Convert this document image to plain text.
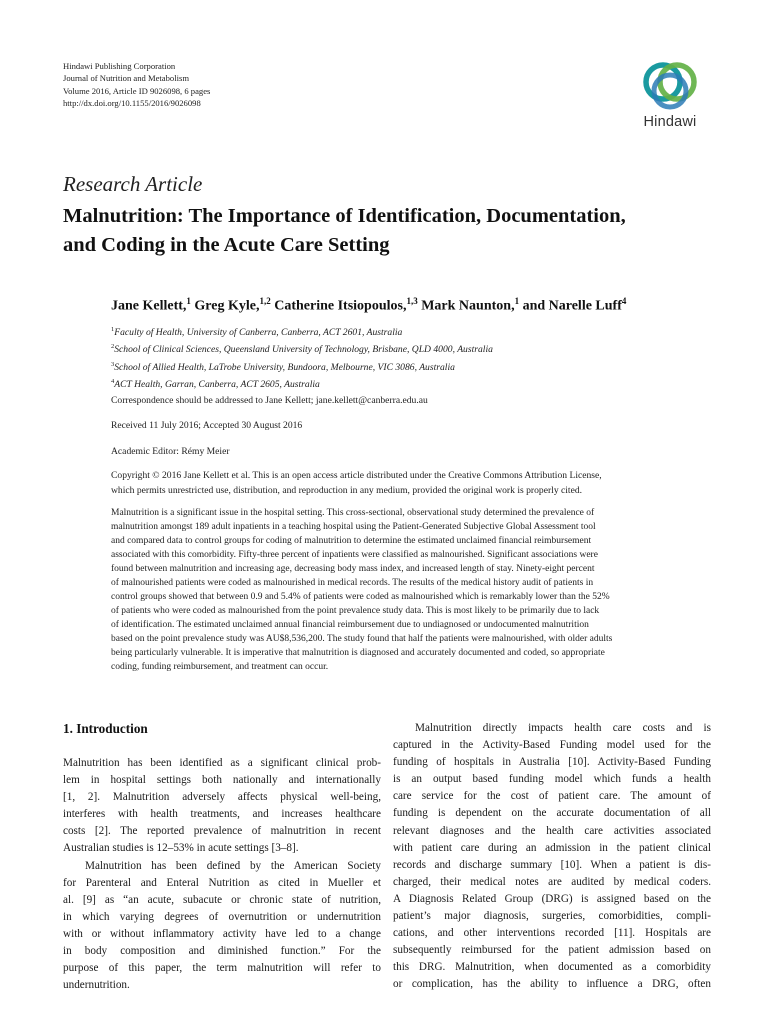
Hindawi Publishing Corporation
Journal of Nutrition and Metabolism
Volume 2016, Article ID 9026098, 6 pages
http://dx.doi.org/10.1155/2016/9026098
Hindawi
Research Article
Malnutrition: The Importance of Identification, Documentation,
and Coding in the Acute Care Setting
Jane Kellett,$^1$ Greg Kyle,$^{1,2}$ Catherine Itsiopoulos,$^{1,3}$ Mark Naunton,$^1$ and Narelle Luff$^4$
$^1$Faculty of Health, University of Canberra, Canberra, ACT 2601, Australia
$^2$School of Clinical Sciences, Queensland University of Technology, Brisbane, QLD 4000, Australia
$^3$School of Allied Health, LaTrobe University, Bundoora, Melbourne, VIC 3086, Australia
$^4$ACT Health, Garran, Canberra, ACT 2605, Australia
Correspondence should be addressed to Jane Kellett; jane.kellett@canberra.edu.au
Received 11 July 2016; Accepted 30 August 2016
Academic Editor: Rémy Meier
Copyright © 2016 Jane Kellett et al. This is an open access article distributed under the Creative Commons Attribution License,
which permits unrestricted use, distribution, and reproduction in any medium, provided the original work is properly cited.
Malnutrition is a significant issue in the hospital setting. This cross-sectional, observational study determined the prevalence of
malnutrition amongst 189 adult inpatients in a teaching hospital using the Patient-Generated Subjective Global Assessment tool
and compared data to control groups for coding of malnutrition to determine the estimated unclaimed financial reimbursement
associated with this comorbidity. Fifty-three percent of inpatients were classified as malnourished. Significant associations were
found between malnutrition and increasing age, decreasing body mass index, and increased length of stay. Ninety-eight percent
of malnourished patients were coded as malnourished in medical records. The results of the medical history audit of patients in
control groups showed that between 0.9 and 5.4% of patients were coded as malnourished which is remarkably lower than the 52%
of patients who were coded as malnourished from the point prevalence study data. This is most likely to be primarily due to lack
of identification. The estimated unclaimed annual financial reimbursement due to undiagnosed or undocumented malnutrition
based on the point prevalence study was AU$8,536,200. The study found that half the patients were malnourished, with older adults
being particularly vulnerable. It is imperative that malnutrition is diagnosed and accurately documented and coded, so appropriate
coding, funding reimbursement, and treatment can occur.
1. Introduction
Malnutrition has been identified as a significant clinical prob-
lem in hospital settings both nationally and internationally
[1, 2]. Malnutrition adversely affects physical well-being,
interferes with health treatments, and increases healthcare
costs [2]. The reported prevalence of malnutrition in recent
Australian studies is 12–53% in acute settings [3–8].
Malnutrition has been defined by the American Society
for Parenteral and Enteral Nutrition as cited in Mueller et
al. [9] as “an acute, subacute or chronic state of nutrition,
in which varying degrees of overnutrition or undernutrition
with or without inflammatory activity have led to a change
in body composition and diminished function.” For the
purpose of this paper, the term malnutrition will refer to
undernutrition.
Malnutrition directly impacts health care costs and is
captured in the Activity-Based Funding model used for the
funding of hospitals in Australia [10]. Activity-Based Funding
is an output based funding model which funds a health
care service for the cost of patient care. The amount of
funding is dependent on the accurate documentation of all
relevant diagnoses and the health care activities associated
with patient care during an admission in the patient clinical
records and discharge summary [10]. When a patient is dis-
charged, their medical notes are audited by medical coders.
A Diagnosis Related Group (DRG) is assigned based on the
patient’s major diagnosis, surgeries, comorbidities, compli-
cations, and other interventions recorded [11]. Hospitals are
subsequently reimbursed for the patient admission based on
this DRG. Malnutrition, when documented as a comorbidity
or complication, has the ability to influence a DRG, often
